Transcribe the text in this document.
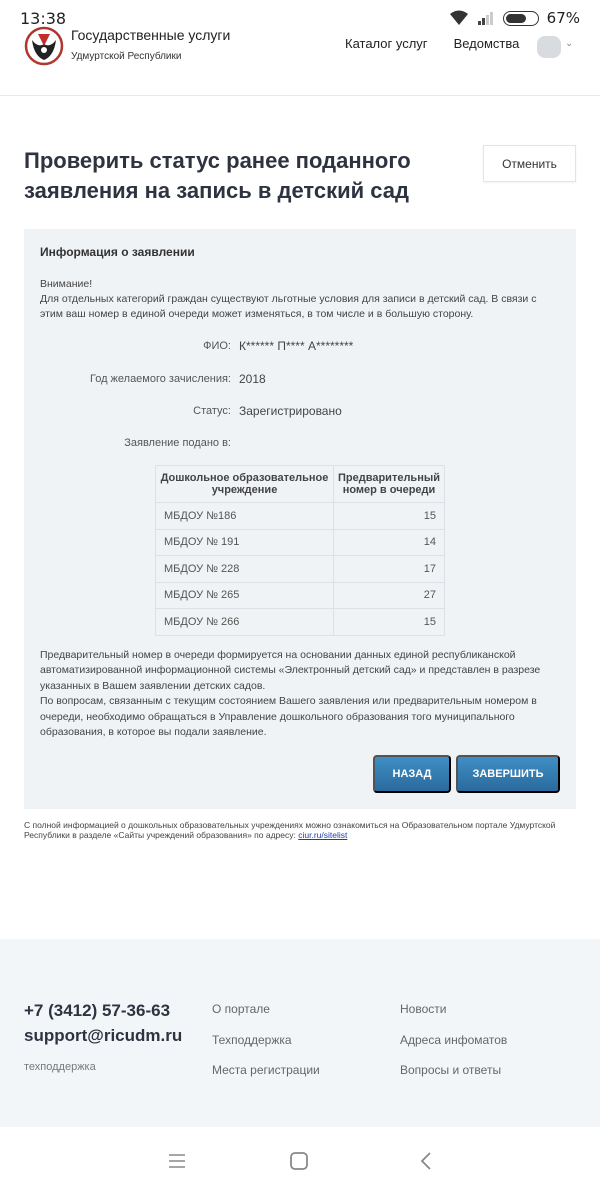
13:38	67%
Государственные услуги
Удмуртской Республики
Каталог услуг Ведомства	⌄
Проверить статус ранее поданного заявления на запись в детский сад
Отменить
Информация о заявлении
Внимание!
Для отдельных категорий граждан существуют льготные условия для записи в детский сад. В связи с этим ваш номер в единой очереди может изменяться, в том числе и в большую сторону.
ФИО: К****** П**** А********
Год желаемого зачисления: 2018
Статус: Зарегистрировано
Заявление подано в:
Дошкольное образовательное учреждение	Предварительный номер в очереди
МБДОУ №186	15
МБДОУ № 191	14
МБДОУ № 228	17
МБДОУ № 265	27
МБДОУ № 266	15
Предварительный номер в очереди формируется на основании данных единой республиканской автоматизированной информационной системы «Электронный детский сад» и представлен в разрезе указанных в Вашем заявлении детских садов.
По вопросам, связанным с текущим состоянием Вашего заявления или предварительным номером в очереди, необходимо обращаться в Управление дошкольного образования того муниципального образования, в которое вы подали заявление.
НАЗАД	ЗАВЕРШИТЬ
С полной информацией о дошкольных образовательных учреждениях можно ознакомиться на Образовательном портале Удмуртской Республики в разделе «Сайты учреждений образования» по адресу: ciur.ru/sitelist
+7 (3412) 57-36-63
support@ricudm.ru
техподдержка
О портале
Техподдержка
Места регистрации
Новости
Адреса инфоматов
Вопросы и ответы
